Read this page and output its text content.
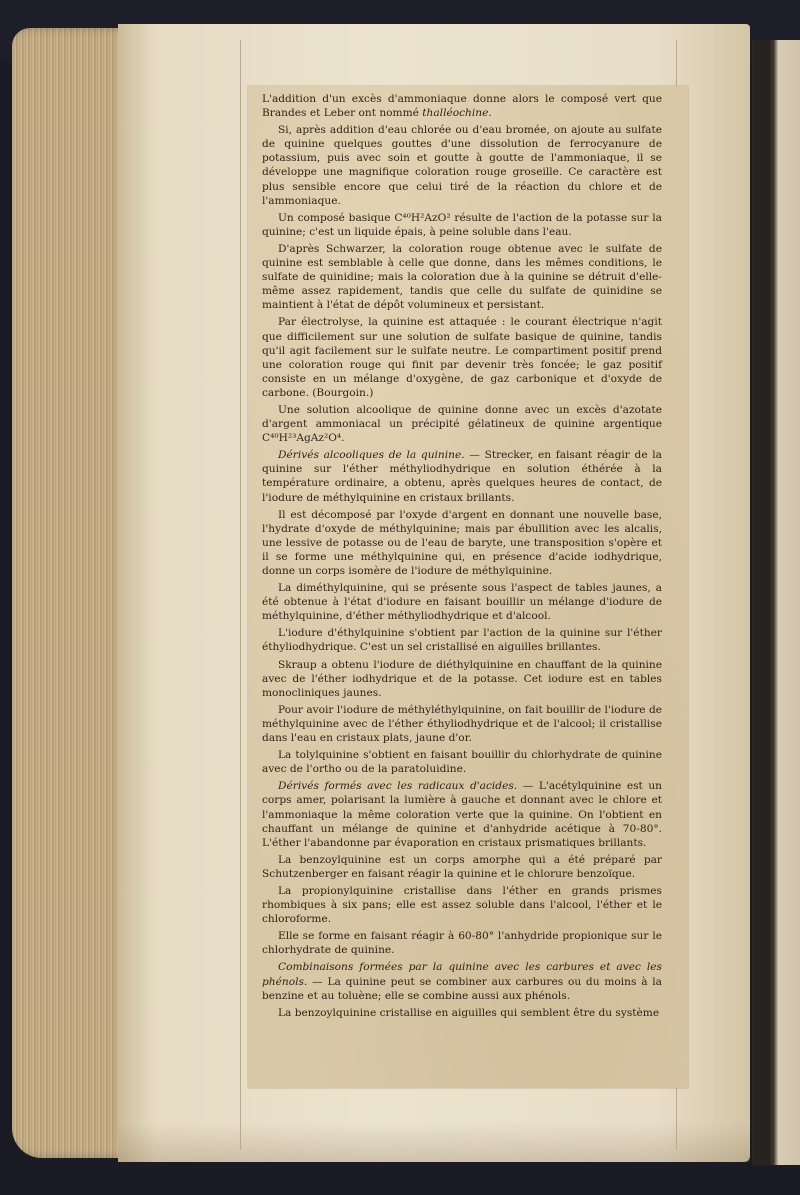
L'addition d'un excès d'ammoniaque donne alors le composé vert que Brandes et Leber ont nommé thalléochine.

Si, après addition d'eau chlorée ou d'eau bromée, on ajoute au sulfate de quinine quelques gouttes d'une dissolution de ferrocyanure de potassium, puis avec soin et goutte à goutte de l'ammoniaque, il se développe une magnifique coloration rouge groseille. Ce caractère est plus sensible encore que celui tiré de la réaction du chlore et de l'ammoniaque.

Un composé basique C⁴⁰H²AzO² résulte de l'action de la potasse sur la quinine; c'est un liquide épais, à peine soluble dans l'eau.

D'après Schwarzer, la coloration rouge obtenue avec le sulfate de quinine est semblable à celle que donne, dans les mêmes conditions, le sulfate de quinidine; mais la coloration due à la quinine se détruit d'elle-même assez rapidement, tandis que celle du sulfate de quinidine se maintient à l'état de dépôt volumineux et persistant.

Par électrolyse, la quinine est attaquée : le courant électrique n'agit que difficilement sur une solution de sulfate basique de quinine, tandis qu'il agit facilement sur le sulfate neutre. Le compartiment positif prend une coloration rouge qui finit par devenir très foncée; le gaz positif consiste en un mélange d'oxygène, de gaz carbonique et d'oxyde de carbone. (Bourgoin.)

Une solution alcoolique de quinine donne avec un excès d'azotate d'argent ammoniacal un précipité gélatineux de quinine argentique C⁴⁰H²³AgAz²O⁴.

Dérivés alcooliques de la quinine. — Strecker, en faisant réagir de la quinine sur l'éther méthyliodhydrique en solution éthérée à la température ordinaire, a obtenu, après quelques heures de contact, de l'iodure de méthylquinine en cristaux brillants.

Il est décomposé par l'oxyde d'argent en donnant une nouvelle base, l'hydrate d'oxyde de méthylquinine; mais par ébullition avec les alcalis, une lessive de potasse ou de l'eau de baryte, une transposition s'opère et il se forme une méthylquinine qui, en présence d'acide iodhydrique, donne un corps isomère de l'iodure de méthylquinine.

La diméthylquinine, qui se présente sous l'aspect de tables jaunes, a été obtenue à l'état d'iodure en faisant bouillir un mélange d'iodure de méthylquinine, d'éther méthyliodhydrique et d'alcool.

L'iodure d'éthylquinine s'obtient par l'action de la quinine sur l'éther éthyliodhydrique. C'est un sel cristallisé en aiguilles brillantes.

Skraup a obtenu l'iodure de diéthylquinine en chauffant de la quinine avec de l'éther iodhydrique et de la potasse. Cet iodure est en tables monocliniques jaunes.

Pour avoir l'iodure de méthyléthylquinine, on fait bouillir de l'iodure de méthylquinine avec de l'éther éthyliodhydrique et de l'alcool; il cristallise dans l'eau en cristaux plats, jaune d'or.

La tolylquinine s'obtient en faisant bouillir du chlorhydrate de quinine avec de l'ortho ou de la paratoluidine.

Dérivés formés avec les radicaux d'acides. — L'acétylquinine est un corps amer, polarisant la lumière à gauche et donnant avec le chlore et l'ammoniaque la même coloration verte que la quinine. On l'obtient en chauffant un mélange de quinine et d'anhydride acétique à 70-80°. L'éther l'abandonne par évaporation en cristaux prismatiques brillants.

La benzoylquinine est un corps amorphe qui a été préparé par Schutzenberger en faisant réagir la quinine et le chlorure benzoïque.

La propionylquinine cristallise dans l'éther en grands prismes rhombiques à six pans; elle est assez soluble dans l'alcool, l'éther et le chloroforme.

Elle se forme en faisant réagir à 60-80° l'anhydride propionique sur le chlorhydrate de quinine.

Combinaisons formées par la quinine avec les carbures et avec les phénols. — La quinine peut se combiner aux carbures ou du moins à la benzine et au toluène; elle se combine aussi aux phénols.

La benzoylquinine cristallise en aiguilles qui semblent être du système
